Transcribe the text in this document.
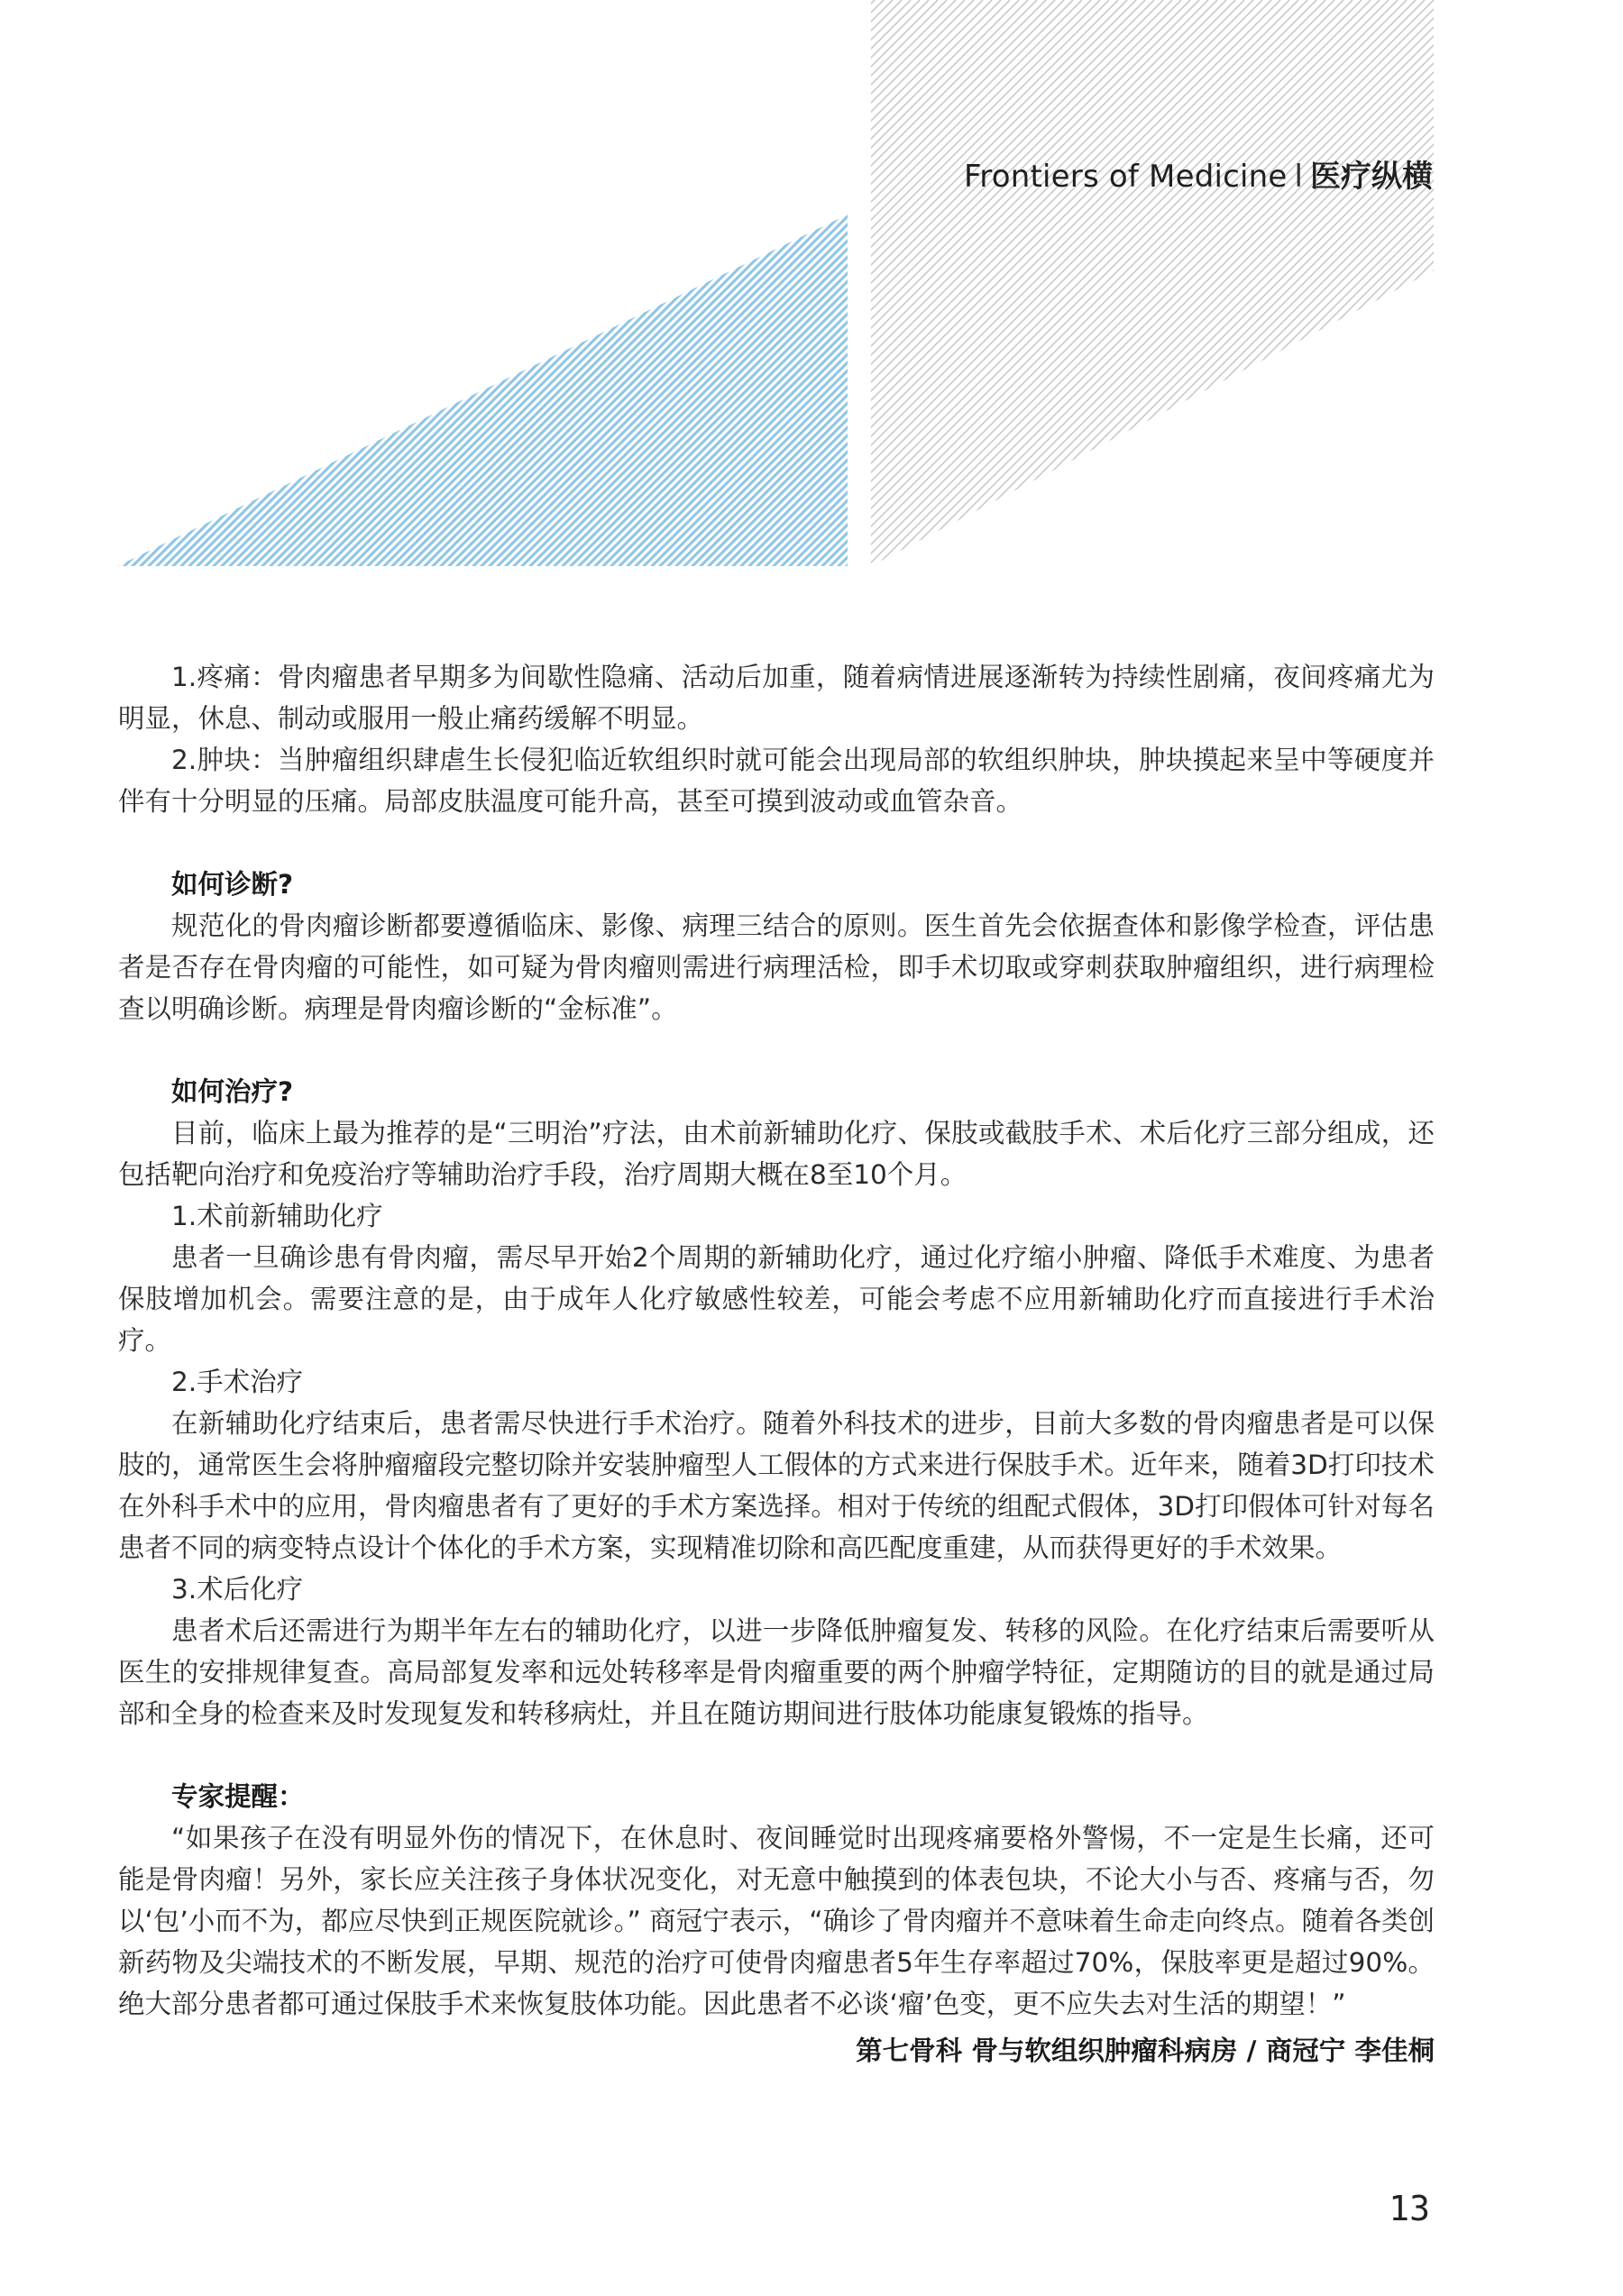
Frontiers of Medicine l 医疗纵横

1.疼痛：骨肉瘤患者早期多为间歇性隐痛、活动后加重，随着病情进展逐渐转为持续性剧痛，夜间疼痛尤为明显，休息、制动或服用一般止痛药缓解不明显。

2.肿块：当肿瘤组织肆虐生长侵犯临近软组织时就可能会出现局部的软组织肿块，肿块摸起来呈中等硬度并伴有十分明显的压痛。局部皮肤温度可能升高，甚至可摸到波动或血管杂音。

如何诊断?

规范化的骨肉瘤诊断都要遵循临床、影像、病理三结合的原则。医生首先会依据查体和影像学检查，评估患者是否存在骨肉瘤的可能性，如可疑为骨肉瘤则需进行病理活检，即手术切取或穿刺获取肿瘤组织，进行病理检查以明确诊断。病理是骨肉瘤诊断的“金标准”。

如何治疗?

目前，临床上最为推荐的是“三明治”疗法，由术前新辅助化疗、保肢或截肢手术、术后化疗三部分组成，还包括靶向治疗和免疫治疗等辅助治疗手段，治疗周期大概在8至10个月。

1.术前新辅助化疗

患者一旦确诊患有骨肉瘤，需尽早开始2个周期的新辅助化疗，通过化疗缩小肿瘤、降低手术难度、为患者保肢增加机会。需要注意的是，由于成年人化疗敏感性较差，可能会考虑不应用新辅助化疗而直接进行手术治疗。

2.手术治疗

在新辅助化疗结束后，患者需尽快进行手术治疗。随着外科技术的进步，目前大多数的骨肉瘤患者是可以保肢的，通常医生会将肿瘤瘤段完整切除并安装肿瘤型人工假体的方式来进行保肢手术。近年来，随着3D打印技术在外科手术中的应用，骨肉瘤患者有了更好的手术方案选择。相对于传统的组配式假体，3D打印假体可针对每名患者不同的病变特点设计个体化的手术方案，实现精准切除和高匹配度重建，从而获得更好的手术效果。

3.术后化疗

患者术后还需进行为期半年左右的辅助化疗，以进一步降低肿瘤复发、转移的风险。在化疗结束后需要听从医生的安排规律复查。高局部复发率和远处转移率是骨肉瘤重要的两个肿瘤学特征，定期随访的目的就是通过局部和全身的检查来及时发现复发和转移病灶，并且在随访期间进行肢体功能康复锻炼的指导。

专家提醒：

“如果孩子在没有明显外伤的情况下，在休息时、夜间睡觉时出现疼痛要格外警惕，不一定是生长痛，还可能是骨肉瘤！另外，家长应关注孩子身体状况变化，对无意中触摸到的体表包块，不论大小与否、疼痛与否，勿以‘包’小而不为，都应尽快到正规医院就诊。” 商冠宁表示，“确诊了骨肉瘤并不意味着生命走向终点。随着各类创新药物及尖端技术的不断发展，早期、规范的治疗可使骨肉瘤患者5年生存率超过70%，保肢率更是超过90%。绝大部分患者都可通过保肢手术来恢复肢体功能。因此患者不必谈‘瘤’色变，更不应失去对生活的期望！”

第七骨科 骨与软组织肿瘤科病房 / 商冠宁 李佳桐
13
